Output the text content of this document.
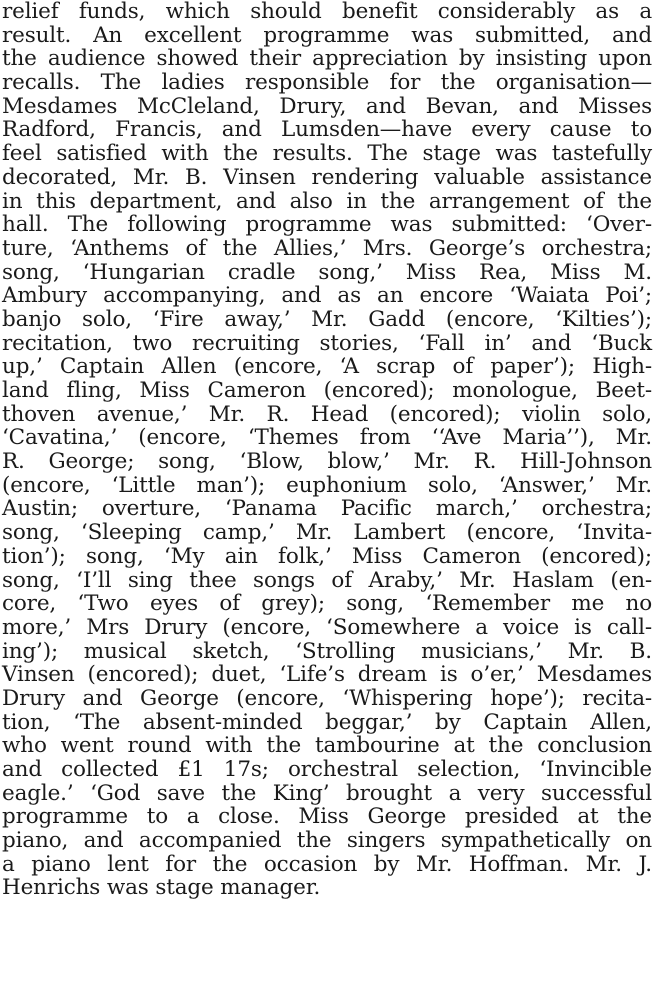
relief funds, which should benefit considerably as a
result. An excellent programme was submitted, and
the audience showed their appreciation by insisting upon
recalls. The ladies responsible for the organisation—
Mesdames McCleland, Drury, and Bevan, and Misses
Radford, Francis, and Lumsden—have every cause to
feel satisfied with the results. The stage was tastefully
decorated, Mr. B. Vinsen rendering valuable assistance
in this department, and also in the arrangement of the
hall. The following programme was submitted: ‘Over-
ture, ‘Anthems of the Allies,’ Mrs. George’s orchestra;
song, ‘Hungarian cradle song,’ Miss Rea, Miss M.
Ambury accompanying, and as an encore ‘Waiata Poi’;
banjo solo, ‘Fire away,’ Mr. Gadd (encore, ‘Kilties’);
recitation, two recruiting stories, ‘Fall in’ and ‘Buck
up,’ Captain Allen (encore, ‘A scrap of paper’); High-
land fling, Miss Cameron (encored); monologue, Beet-
thoven avenue,’ Mr. R. Head (encored); violin solo,
‘Cavatina,’ (encore, ‘Themes from ‘‘Ave Maria’’), Mr.
R. George; song, ‘Blow, blow,’ Mr. R. Hill-Johnson
(encore, ‘Little man’); euphonium solo, ‘Answer,’ Mr.
Austin; overture, ‘Panama Pacific march,’ orchestra;
song, ‘Sleeping camp,’ Mr. Lambert (encore, ‘Invita-
tion’); song, ‘My ain folk,’ Miss Cameron (encored);
song, ‘I’ll sing thee songs of Araby,’ Mr. Haslam (en-
core, ‘Two eyes of grey); song, ‘Remember me no
more,’ Mrs Drury (encore, ‘Somewhere a voice is call-
ing’); musical sketch, ‘Strolling musicians,’ Mr. B.
Vinsen (encored); duet, ‘Life’s dream is o’er,’ Mesdames
Drury and George (encore, ‘Whispering hope’); recita-
tion, ‘The absent-minded beggar,’ by Captain Allen,
who went round with the tambourine at the conclusion
and collected £1 17s; orchestral selection, ‘Invincible
eagle.’ ‘God save the King’ brought a very successful
programme to a close. Miss George presided at the
piano, and accompanied the singers sympathetically on
a piano lent for the occasion by Mr. Hoffman. Mr. J.
Henrichs was stage manager.
